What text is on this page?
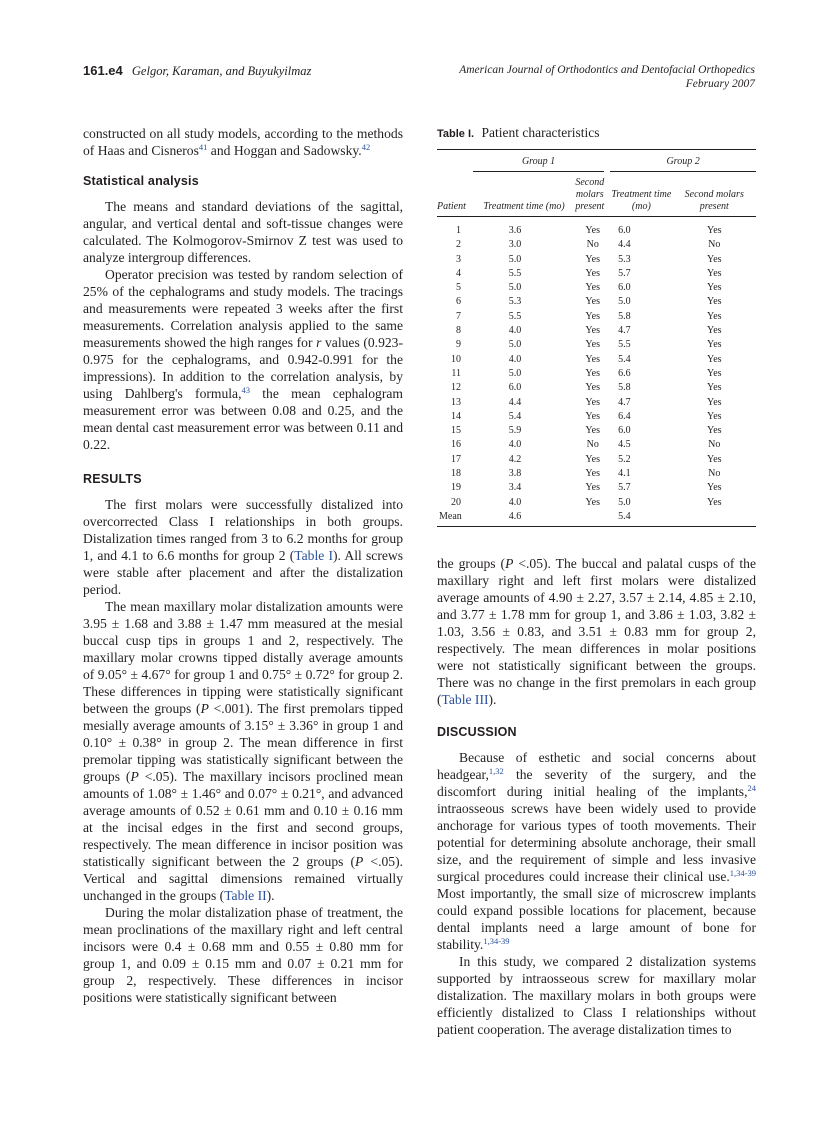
161.e4 Gelgor, Karaman, and Buyukyilmaz	American Journal of Orthodontics and Dentofacial Orthopedics
February 2007

constructed on all study models, according to the methods of Haas and Cisneros$^{41}$ and Hoggan and Sadowsky.$^{42}$

Statistical analysis

The means and standard deviations of the sagittal, angular, and vertical dental and soft-tissue changes were calculated. The Kolmogorov-Smirnov Z test was used to analyze intergroup differences.

Operator precision was tested by random selection of 25% of the cephalograms and study models. The tracings and measurements were repeated 3 weeks after the first measurements. Correlation analysis applied to the same measurements showed the high ranges for r values (0.923-0.975 for the cephalograms, and 0.942-0.991 for the impressions). In addition to the correlation analysis, by using Dahlberg's formula,$^{43}$ the mean cephalogram measurement error was between 0.08 and 0.25, and the mean dental cast measurement error was between 0.11 and 0.22.

RESULTS

The first molars were successfully distalized into overcorrected Class I relationships in both groups. Distalization times ranged from 3 to 6.2 months for group 1, and 4.1 to 6.6 months for group 2 (Table I). All screws were stable after placement and after the distalization period.

The mean maxillary molar distalization amounts were 3.95 ± 1.68 and 3.88 ± 1.47 mm measured at the mesial buccal cusp tips in groups 1 and 2, respectively. The maxillary molar crowns tipped distally average amounts of 9.05° ± 4.67° for group 1 and 0.75° ± 0.72° for group 2. These differences in tipping were statistically significant between the groups (P <.001). The first premolars tipped mesially average amounts of 3.15° ± 3.36° in group 1 and 0.10° ± 0.38° in group 2. The mean difference in first premolar tipping was statistically significant between the groups (P <.05). The maxillary incisors proclined mean amounts of 1.08° ± 1.46° and 0.07° ± 0.21°, and advanced average amounts of 0.52 ± 0.61 mm and 0.10 ± 0.16 mm at the incisal edges in the first and second groups, respectively. The mean difference in incisor position was statistically significant between the 2 groups (P <.05). Vertical and sagittal dimensions remained virtually unchanged in the groups (Table II).

During the molar distalization phase of treatment, the mean proclinations of the maxillary right and left central incisors were 0.4 ± 0.68 mm and 0.55 ± 0.80 mm for group 1, and 0.09 ± 0.15 mm and 0.07 ± 0.21 mm for group 2, respectively. These differences in incisor positions were statistically significant between

Table I. Patient characteristics
	Group 1			Group 2	
Patient	Treatment time (mo)	Second molars present		Treatment time (mo)	Second molars present
1	3.6	Yes		6.0	Yes
2	3.0	No		4.4	No
3	5.0	Yes		5.3	Yes
4	5.5	Yes		5.7	Yes
5	5.0	Yes		6.0	Yes
6	5.3	Yes		5.0	Yes
7	5.5	Yes		5.8	Yes
8	4.0	Yes		4.7	Yes
9	5.0	Yes		5.5	Yes
10	4.0	Yes		5.4	Yes
11	5.0	Yes		6.6	Yes
12	6.0	Yes		5.8	Yes
13	4.4	Yes		4.7	Yes
14	5.4	Yes		6.4	Yes
15	5.9	Yes		6.0	Yes
16	4.0	No		4.5	No
17	4.2	Yes		5.2	Yes
18	3.8	Yes		4.1	No
19	3.4	Yes		5.7	Yes
20	4.0	Yes		5.0	Yes
Mean	4.6			5.4	

the groups (P <.05). The buccal and palatal cusps of the maxillary right and left first molars were distalized average amounts of 4.90 ± 2.27, 3.57 ± 2.14, 4.85 ± 2.10, and 3.77 ± 1.78 mm for group 1, and 3.86 ± 1.03, 3.82 ± 1.03, 3.56 ± 0.83, and 3.51 ± 0.83 mm for group 2, respectively. The mean differences in molar positions were not statistically significant between the groups. There was no change in the first premolars in each group (Table III).

DISCUSSION

Because of esthetic and social concerns about headgear,$^{1,32}$ the severity of the surgery, and the discomfort during initial healing of the implants,$^{24}$ intraosseous screws have been widely used to provide anchorage for various types of tooth movements. Their potential for determining absolute anchorage, their small size, and the requirement of simple and less invasive surgical procedures could increase their clinical use.$^{1,34-39}$ Most importantly, the small size of microscrew implants could expand possible locations for placement, because dental implants need a large amount of bone for stability.$^{1,34-39}$

In this study, we compared 2 distalization systems supported by intraosseous screw for maxillary molar distalization. The maxillary molars in both groups were efficiently distalized to Class I relationships without patient cooperation. The average distalization times to
